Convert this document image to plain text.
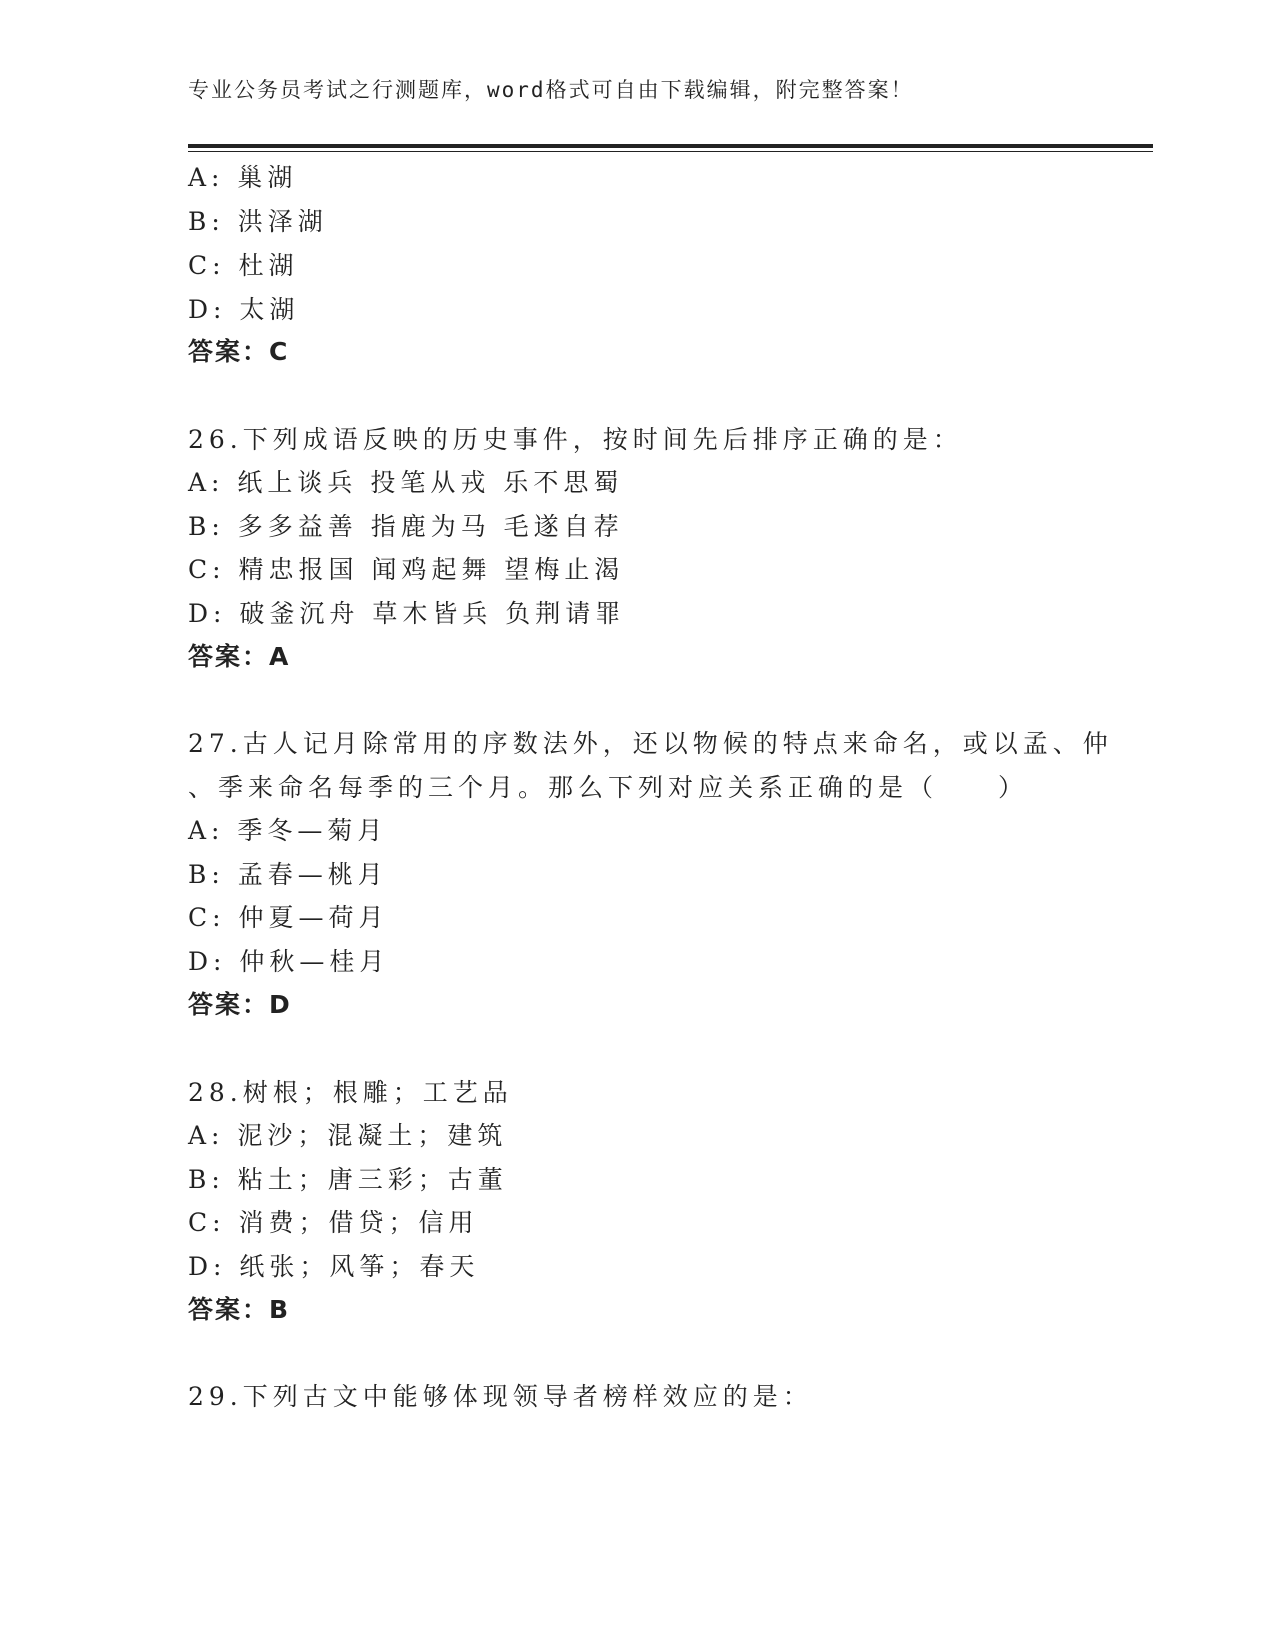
专业公务员考试之行测题库，word格式可自由下载编辑，附完整答案！
A: 巢湖
B: 洪泽湖
C: 杜湖
D: 太湖
答案：C
26.下列成语反映的历史事件，按时间先后排序正确的是：
A: 纸上谈兵 投笔从戎 乐不思蜀
B: 多多益善 指鹿为马 毛遂自荐
C: 精忠报国 闻鸡起舞 望梅止渴
D: 破釜沉舟 草木皆兵 负荆请罪
答案：A
27.古人记月除常用的序数法外，还以物候的特点来命名，或以孟、仲
、季来命名每季的三个月。那么下列对应关系正确的是（　　）
A: 季冬—菊月
B: 孟春—桃月
C: 仲夏—荷月
D: 仲秋—桂月
答案：D
28.树根；根雕；工艺品
A: 泥沙；混凝土；建筑
B: 粘土；唐三彩；古董
C: 消费；借贷；信用
D: 纸张；风筝；春天
答案：B
29.下列古文中能够体现领导者榜样效应的是：
